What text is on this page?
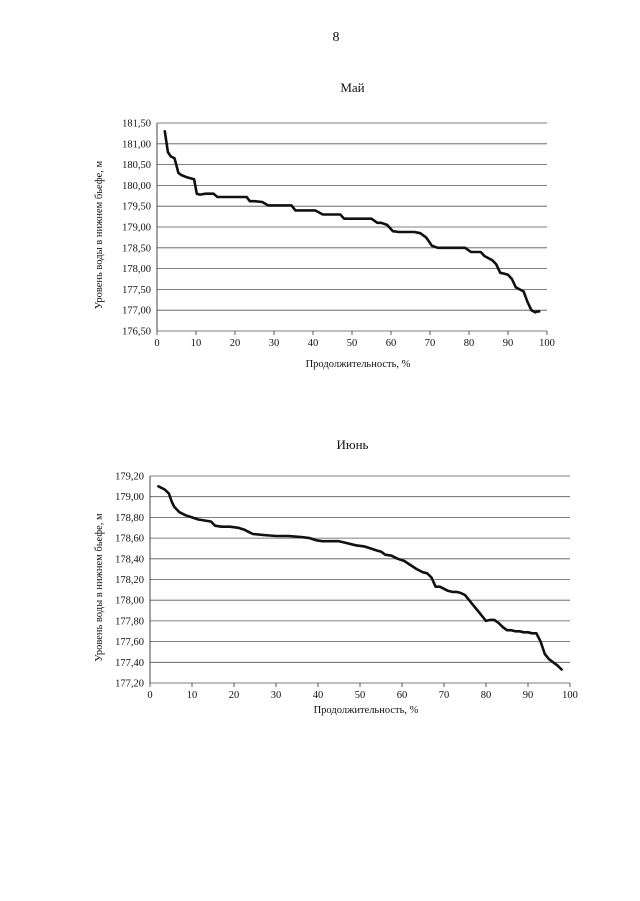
8
Май
176,50
177,00
177,50
178,00
178,50
179,00
179,50
180,00
180,50
181,00
181,50
0	10	20	30	40	50	60	70	80	90 100
Продолжительность, %
Уровень воды в нижнем бьефе, м
Июнь
177,20
177,40
177,60
177,80
178,00
178,20
178,40
178,60
178,80
179,00
179,20
0	10	20	30	40	50	60	70	80	90	100
Продолжительность, %
Уровень воды в нижнем бьефе, м
